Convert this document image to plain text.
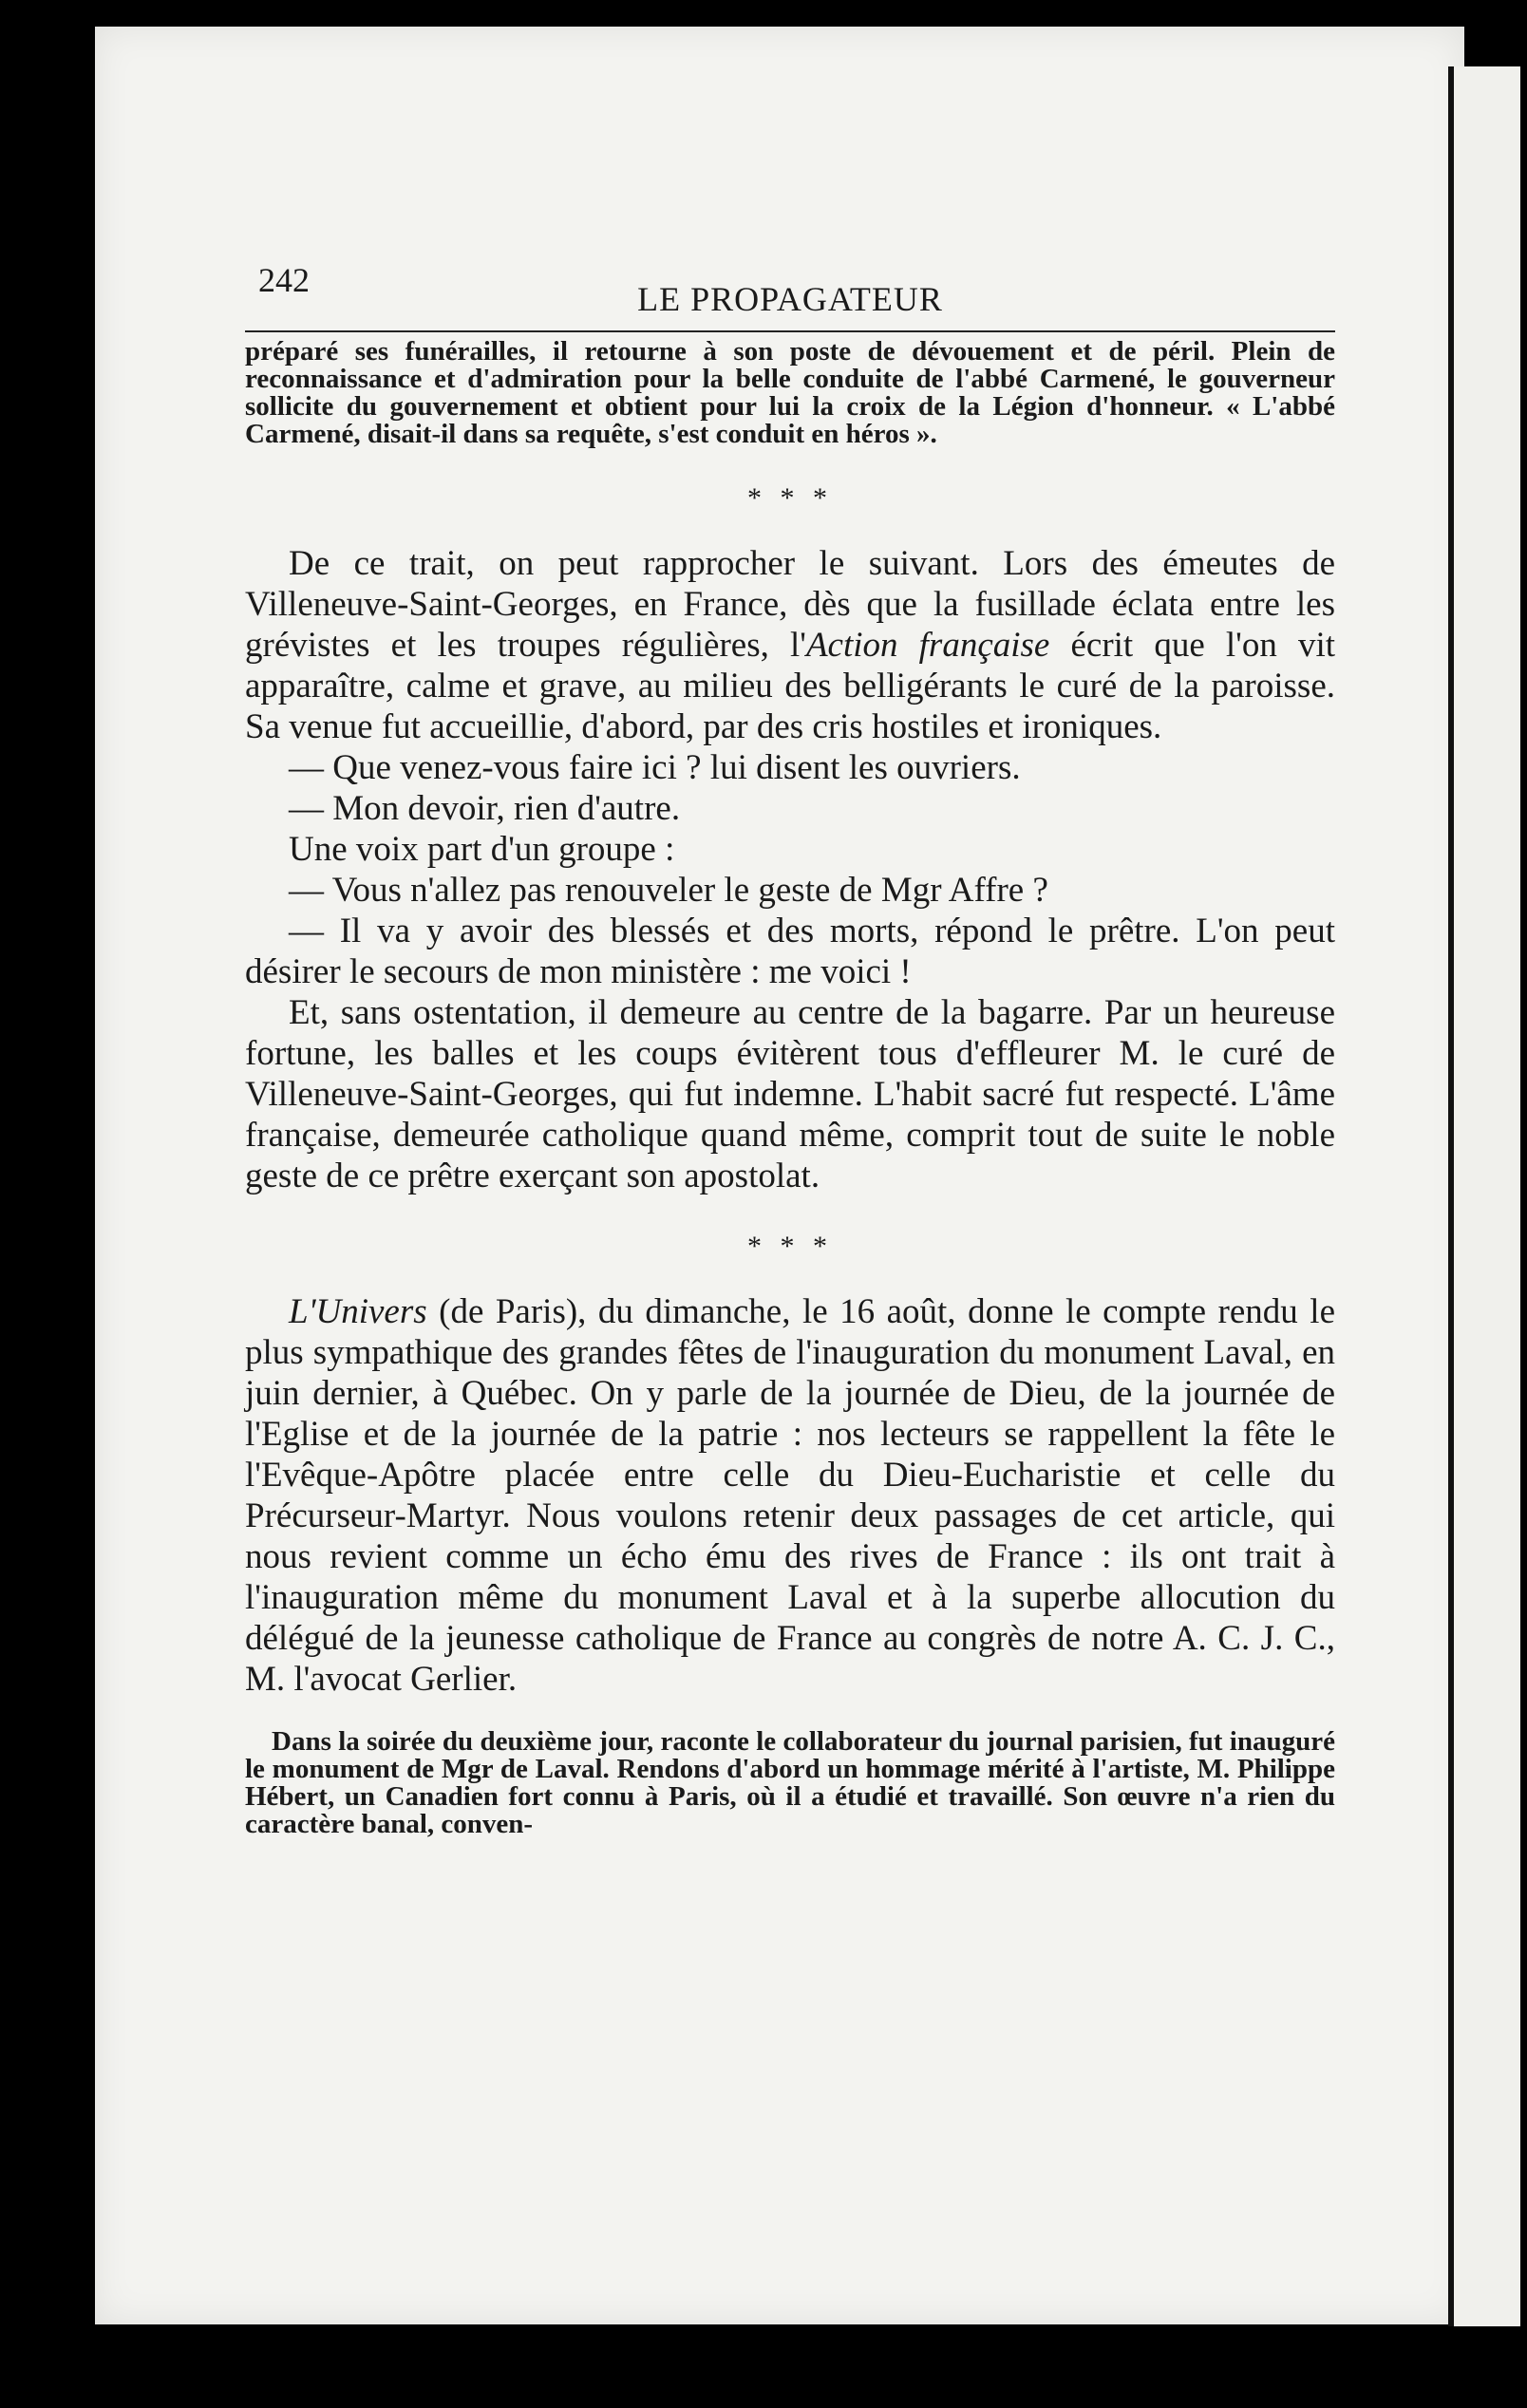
242	LE PROPAGATEUR

préparé ses funérailles, il retourne à son poste de dévouement et de péril. Plein de reconnaissance et d'admiration pour la belle conduite de l'abbé Carmené, le gouverneur sollicite du gouvernement et obtient pour lui la croix de la Légion d'honneur. « L'abbé Carmené, disait-il dans sa requête, s'est conduit en héros ».

* * *

De ce trait, on peut rapprocher le suivant. Lors des émeutes de Villeneuve-Saint-Georges, en France, dès que la fusillade éclata entre les grévistes et les troupes régulières, l'Action française écrit que l'on vit apparaître, calme et grave, au milieu des belligérants le curé de la paroisse. Sa venue fut accueillie, d'abord, par des cris hostiles et ironiques.

— Que venez-vous faire ici ? lui disent les ouvriers.

— Mon devoir, rien d'autre.

Une voix part d'un groupe :

— Vous n'allez pas renouveler le geste de Mgr Affre ?

— Il va y avoir des blessés et des morts, répond le prêtre. L'on peut désirer le secours de mon ministère : me voici !

Et, sans ostentation, il demeure au centre de la bagarre. Par un heureuse fortune, les balles et les coups évitèrent tous d'effleurer M. le curé de Villeneuve-Saint-Georges, qui fut indemne. L'habit sacré fut respecté. L'âme française, demeurée catholique quand même, comprit tout de suite le noble geste de ce prêtre exerçant son apostolat.

* * *

L'Univers (de Paris), du dimanche, le 16 août, donne le compte rendu le plus sympathique des grandes fêtes de l'inauguration du monument Laval, en juin dernier, à Québec. On y parle de la journée de Dieu, de la journée de l'Eglise et de la journée de la patrie : nos lecteurs se rappellent la fête le l'Evêque-Apôtre placée entre celle du Dieu-Eucharistie et celle du Précurseur-Martyr. Nous voulons retenir deux passages de cet article, qui nous revient comme un écho ému des rives de France : ils ont trait à l'inauguration même du monument Laval et à la superbe allocution du délégué de la jeunesse catholique de France au congrès de notre A. C. J. C., M. l'avocat Gerlier.

Dans la soirée du deuxième jour, raconte le collaborateur du journal parisien, fut inauguré le monument de Mgr de Laval. Rendons d'abord un hommage mérité à l'artiste, M. Philippe Hébert, un Canadien fort connu à Paris, où il a étudié et travaillé. Son œuvre n'a rien du caractère banal, conven-
